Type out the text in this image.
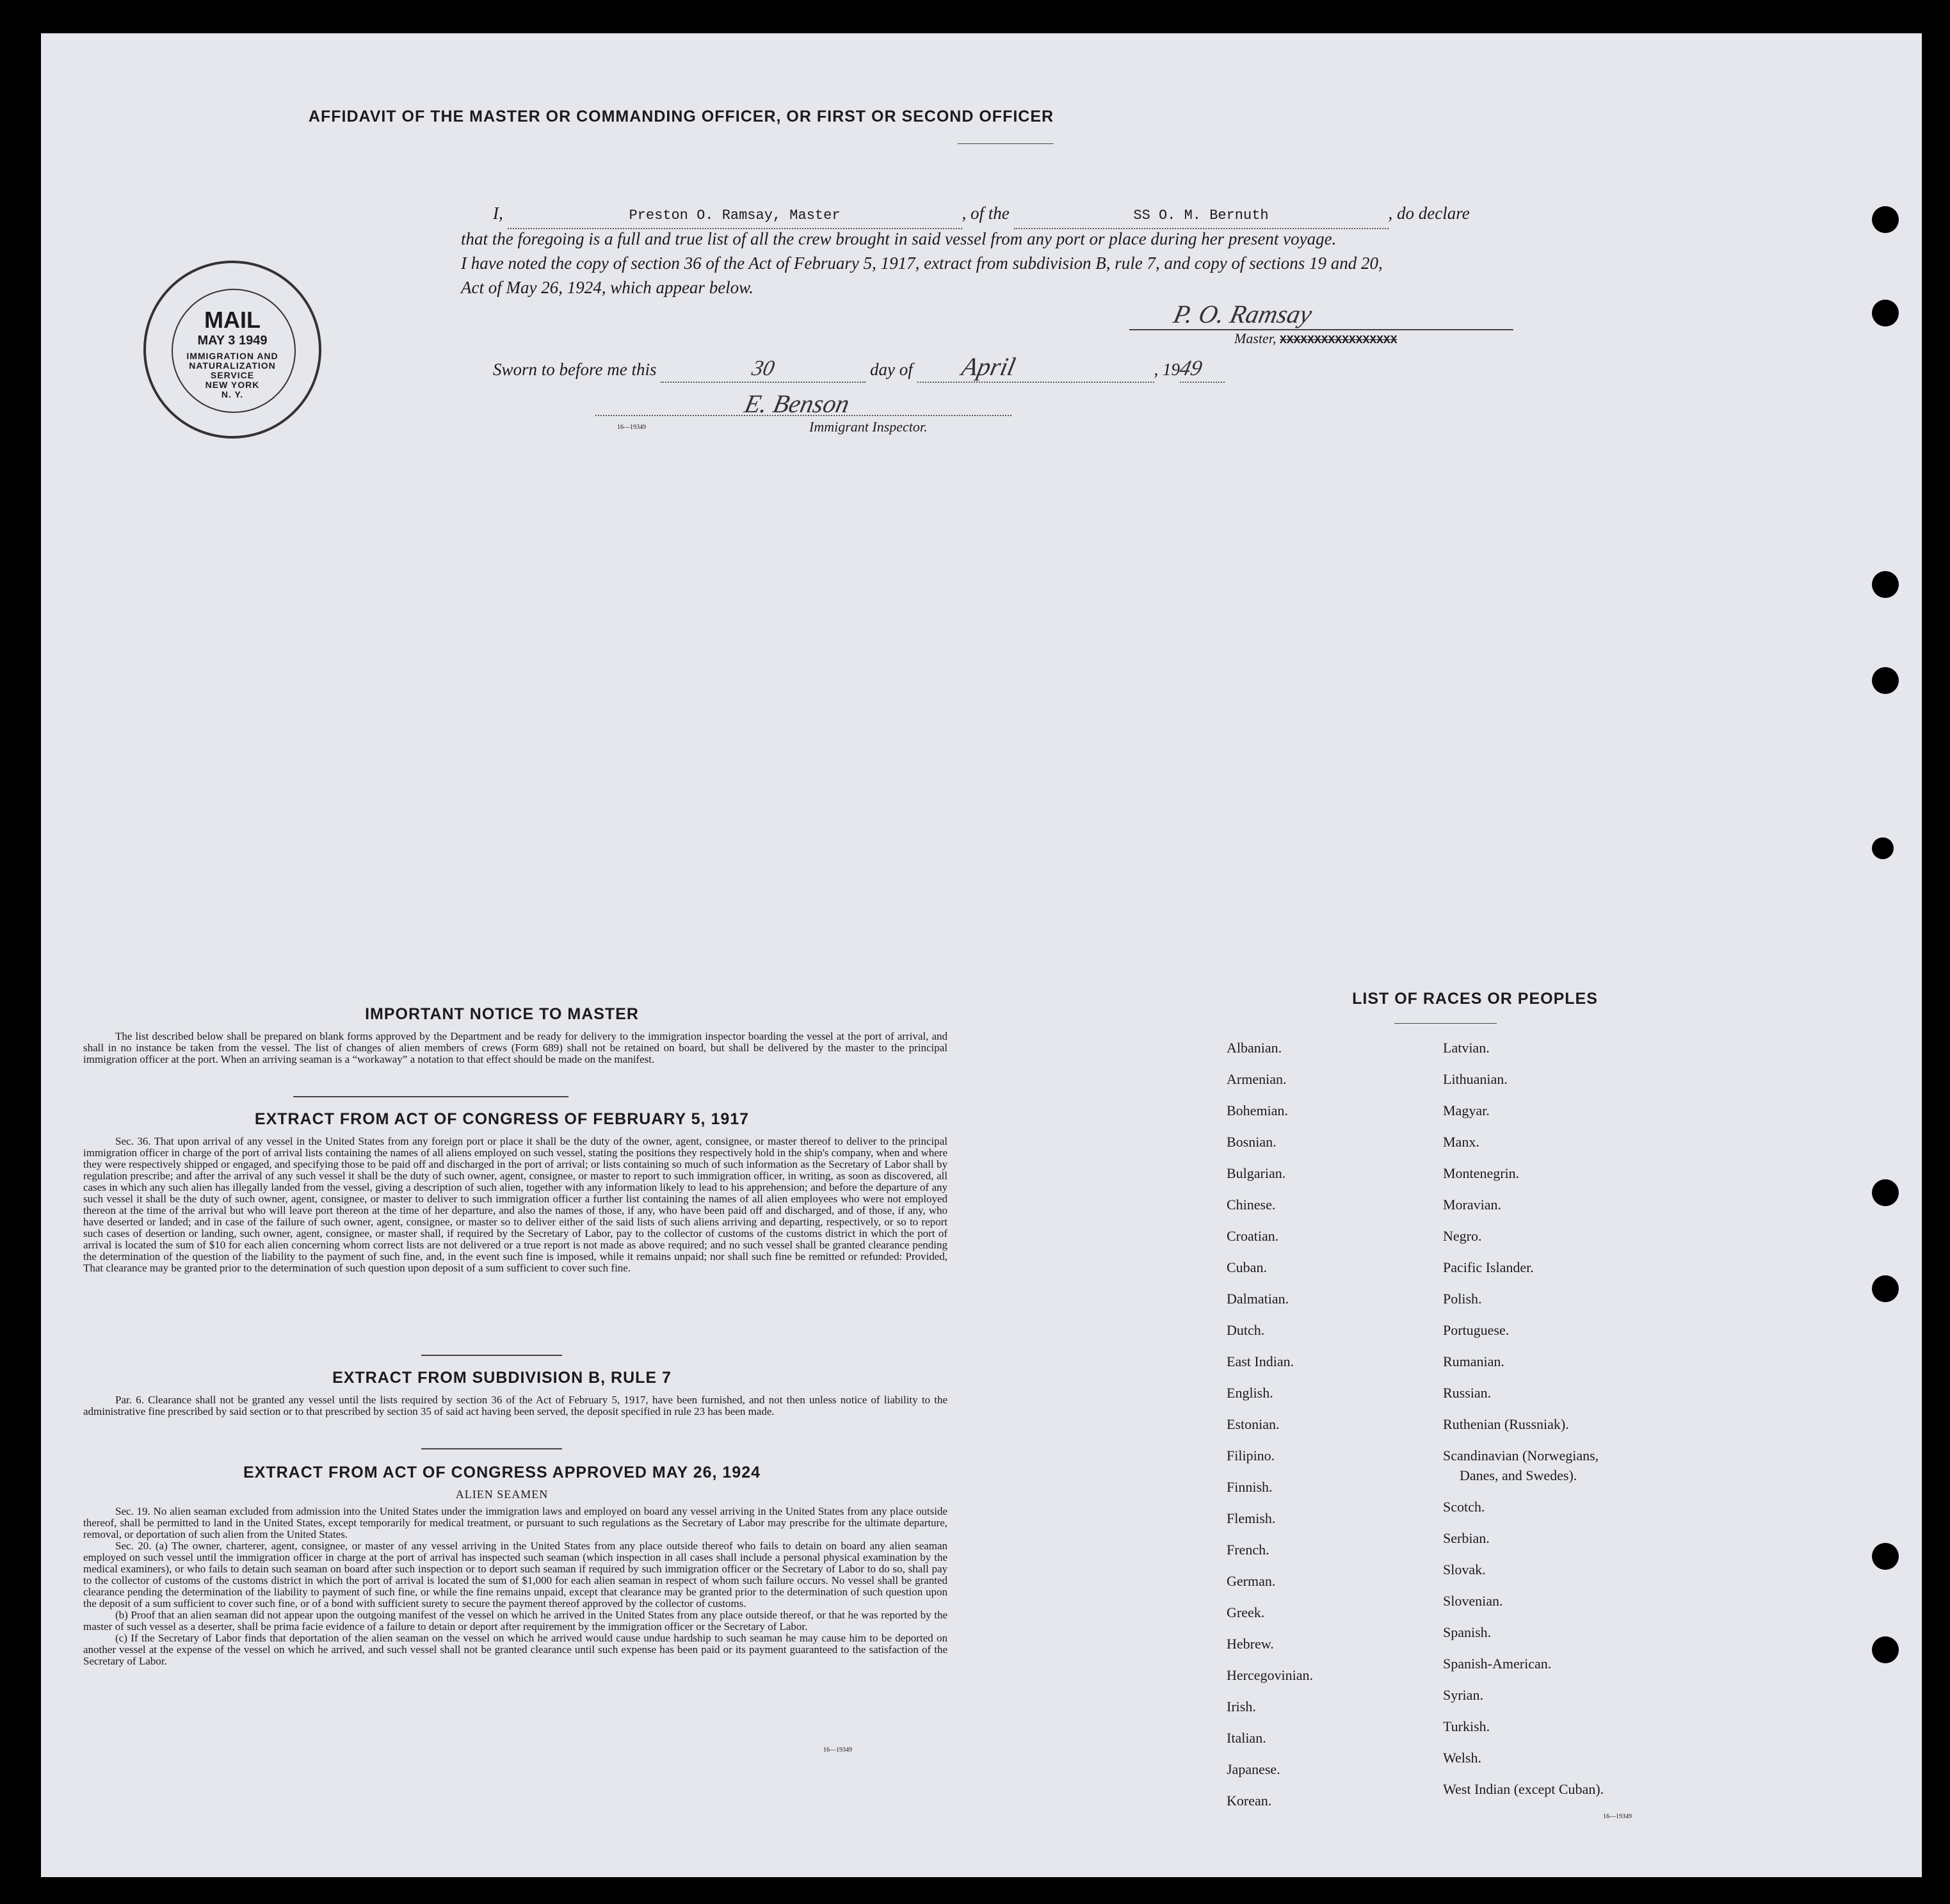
AFFIDAVIT OF THE MASTER OR COMMANDING OFFICER, OR FIRST OR SECOND OFFICER
I,	Preston O. Ramsay, Master	, of the	SS O. M. Bernuth	, do declare
that the foregoing is a full and true list of all the crew brought in said vessel from any port or place during her present voyage.
I have noted the copy of section 36 of the Act of February 5, 1917, extract from subdivision B, rule 7, and copy of sections 19 and 20,
Act of May 26, 1924, which appear below.
P. O. Ramsay
Master, XXXXXXXXXXXXXXXXX
Sworn to before me this	30	day of April	, 1949
E. Benson
16—19349	Immigrant Inspector.
MAIL
MAY 3 1949
IMMIGRATION AND
NATURALIZATION
SERVICE
NEW YORK
N. Y.
IMPORTANT NOTICE TO MASTER
The list described below shall be prepared on blank forms approved by the Department and be ready for delivery to the immigration inspector boarding the vessel at the port of arrival, and shall in no instance be taken from the vessel. The list of changes of alien members of crews (Form 689) shall not be retained on board, but shall be delivered by the master to the principal immigration officer at the port. When an arriving seaman is a “workaway” a notation to that effect should be made on the manifest.
EXTRACT FROM ACT OF CONGRESS OF FEBRUARY 5, 1917
Sec. 36. That upon arrival of any vessel in the United States from any foreign port or place it shall be the duty of the owner, agent, consignee, or master thereof to deliver to the principal immigration officer in charge of the port of arrival lists containing the names of all aliens employed on such vessel, stating the positions they respectively hold in the ship's company, when and where they were respectively shipped or engaged, and specifying those to be paid off and discharged in the port of arrival; or lists containing so much of such information as the Secretary of Labor shall by regulation prescribe; and after the arrival of any such vessel it shall be the duty of such owner, agent, consignee, or master to report to such immigration officer, in writing, as soon as discovered, all cases in which any such alien has illegally landed from the vessel, giving a description of such alien, together with any information likely to lead to his apprehension; and before the departure of any such vessel it shall be the duty of such owner, agent, consignee, or master to deliver to such immigration officer a further list containing the names of all alien employees who were not employed thereon at the time of the arrival but who will leave port thereon at the time of her departure, and also the names of those, if any, who have been paid off and discharged, and of those, if any, who have deserted or landed; and in case of the failure of such owner, agent, consignee, or master so to deliver either of the said lists of such aliens arriving and departing, respectively, or so to report such cases of desertion or landing, such owner, agent, consignee, or master shall, if required by the Secretary of Labor, pay to the collector of customs of the customs district in which the port of arrival is located the sum of $10 for each alien concerning whom correct lists are not delivered or a true report is not made as above required; and no such vessel shall be granted clearance pending the determination of the question of the liability to the payment of such fine, and, in the event such fine is imposed, while it remains unpaid; nor shall such fine be remitted or refunded: Provided, That clearance may be granted prior to the determination of such question upon deposit of a sum sufficient to cover such fine.
EXTRACT FROM SUBDIVISION B, RULE 7
Par. 6. Clearance shall not be granted any vessel until the lists required by section 36 of the Act of February 5, 1917, have been furnished, and not then unless notice of liability to the administrative fine prescribed by said section or to that prescribed by section 35 of said act having been served, the deposit specified in rule 23 has been made.
EXTRACT FROM ACT OF CONGRESS APPROVED MAY 26, 1924
ALIEN SEAMEN
Sec. 19. No alien seaman excluded from admission into the United States under the immigration laws and employed on board any vessel arriving in the United States from any place outside thereof, shall be permitted to land in the United States, except temporarily for medical treatment, or pursuant to such regulations as the Secretary of Labor may prescribe for the ultimate departure, removal, or deportation of such alien from the United States.
Sec. 20. (a) The owner, charterer, agent, consignee, or master of any vessel arriving in the United States from any place outside thereof who fails to detain on board any alien seaman employed on such vessel until the immigration officer in charge at the port of arrival has inspected such seaman (which inspection in all cases shall include a personal physical examination by the medical examiners), or who fails to detain such seaman on board after such inspection or to deport such seaman if required by such immigration officer or the Secretary of Labor to do so, shall pay to the collector of customs of the customs district in which the port of arrival is located the sum of $1,000 for each alien seaman in respect of whom such failure occurs. No vessel shall be granted clearance pending the determination of the liability to payment of such fine, or while the fine remains unpaid, except that clearance may be granted prior to the determination of such question upon the deposit of a sum sufficient to cover such fine, or of a bond with sufficient surety to secure the payment thereof approved by the collector of customs.
(b) Proof that an alien seaman did not appear upon the outgoing manifest of the vessel on which he arrived in the United States from any place outside thereof, or that he was reported by the master of such vessel as a deserter, shall be prima facie evidence of a failure to detain or deport after requirement by the immigration officer or the Secretary of Labor.
(c) If the Secretary of Labor finds that deportation of the alien seaman on the vessel on which he arrived would cause undue hardship to such seaman he may cause him to be deported on another vessel at the expense of the vessel on which he arrived, and such vessel shall not be granted clearance until such expense has been paid or its payment guaranteed to the satisfaction of the Secretary of Labor.
16—19349
LIST OF RACES OR PEOPLES
Albanian.
Armenian.
Bohemian.
Bosnian.
Bulgarian.
Chinese.
Croatian.
Cuban.
Dalmatian.
Dutch.
East Indian.
English.
Estonian.
Filipino.
Finnish.
Flemish.
French.
German.
Greek.
Hebrew.
Hercegovinian.
Irish.
Italian.
Japanese.
Korean.
Latvian.
Lithuanian.
Magyar.
Manx.
Montenegrin.
Moravian.
Negro.
Pacific Islander.
Polish.
Portuguese.
Rumanian.
Russian.
Ruthenian (Russniak).
Scandinavian (Norwegians,
Danes, and Swedes).
Scotch.
Serbian.
Slovak.
Slovenian.
Spanish.
Spanish-American.
Syrian.
Turkish.
Welsh.
West Indian (except Cuban).
16—19349
